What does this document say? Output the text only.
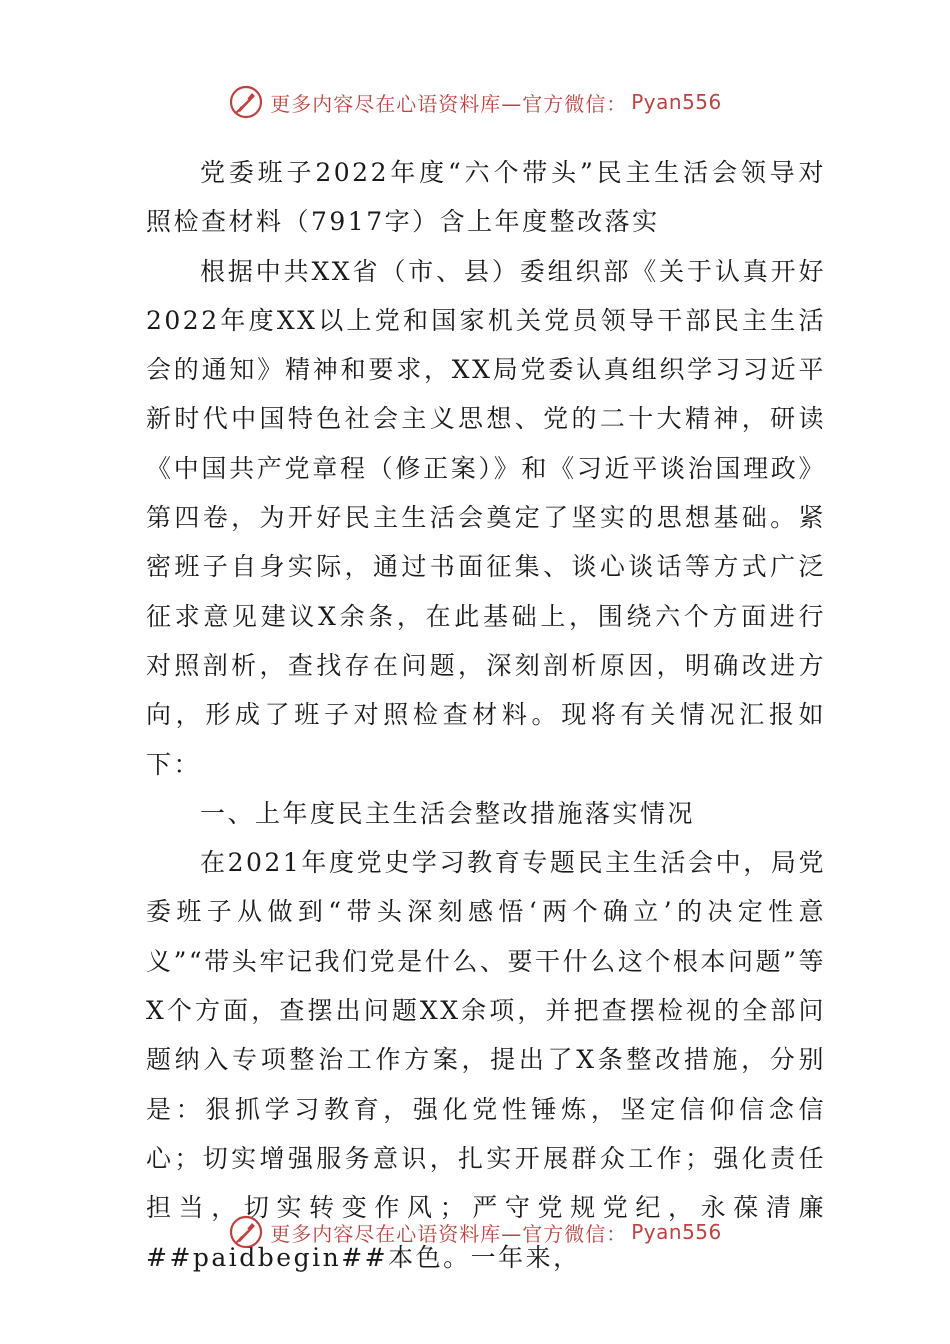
更多内容尽在心语资料库—官方微信： Pyan556

党委班子2022年度“六个带头”民主生活会领导对照检查材料（7917字）含上年度整改落实

根据中共XX省（市、县）委组织部《关于认真开好2022年度XX以上党和国家机关党员领导干部民主生活会的通知》精神和要求，XX局党委认真组织学习习近平新时代中国特色社会主义思想、党的二十大精神，研读《中国共产党章程（修正案）》和《习近平谈治国理政》第四卷，为开好民主生活会奠定了坚实的思想基础。紧密班子自身实际，通过书面征集、谈心谈话等方式广泛征求意见建议X余条，在此基础上，围绕六个方面进行对照剖析，查找存在问题，深刻剖析原因，明确改进方向，形成了班子对照检查材料。现将有关情况汇报如下：

一、上年度民主生活会整改措施落实情况

在2021年度党史学习教育专题民主生活会中，局党委班子从做到“带头深刻感悟‘两个确立’的决定性意义”“带头牢记我们党是什么、要干什么这个根本问题”等X个方面，查摆出问题XX余项，并把查摆检视的全部问题纳入专项整治工作方案，提出了X条整改措施，分别是：狠抓学习教育，强化党性锤炼，坚定信仰信念信心；切实增强服务意识，扎实开展群众工作；强化责任担当，切实转变作风；严守党规党纪，永葆清廉##paidbegin##本色。一年来，

更多内容尽在心语资料库—官方微信： Pyan556
